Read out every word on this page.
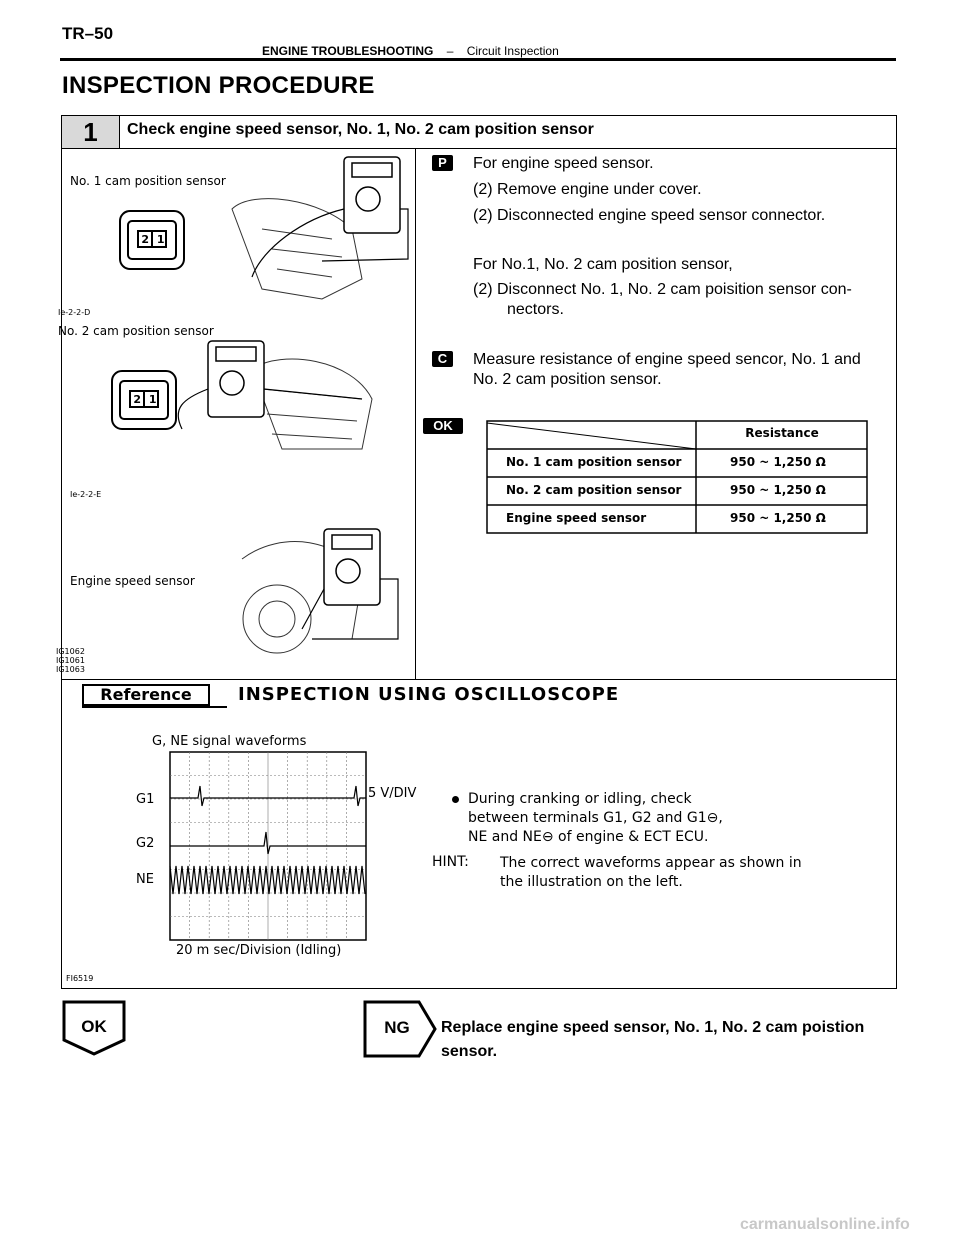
TR–50
ENGINE TROUBLESHOOTING – Circuit Inspection
INSPECTION PROCEDURE
1	Check engine speed sensor, No. 1, No. 2 cam position sensor
No. 1 cam position sensor
Ie-2-2-D
No. 2 cam position sensor
Ie-2-2-E
Engine speed sensor
IG1062
IG1061
IG1063
2 1
2 1
P	For engine speed sensor.
(2) Remove engine under cover.
(2) Disconnected engine speed sensor connector.
For No.1, No. 2 cam position sensor,
(2) Disconnect No. 1, No. 2 cam poisition sensor con-
nectors.
C	Measure resistance of engine speed sencor, No. 1 and
No. 2 cam position sensor.
OK	Resistance
No. 1 cam position sensor	950 ~ 1,250 Ω
No. 2 cam position sensor	950 ~ 1,250 Ω
Engine speed sensor	950 ~ 1,250 Ω
Reference	INSPECTION USING OSCILLOSCOPE
G, NE signal waveforms
5 V/DIV
G1
G2
NE
20 m sec/Division (Idling)
FI6519
During cranking or idling, check
between terminals G1, G2 and G1⊖,
NE and NE⊖ of engine & ECT ECU.
HINT: The correct waveforms appear as shown in
the illustration on the left.
OK	NG	Replace engine speed sensor, No. 1, No. 2 cam poistion
sensor.
carmanualsonline.info
